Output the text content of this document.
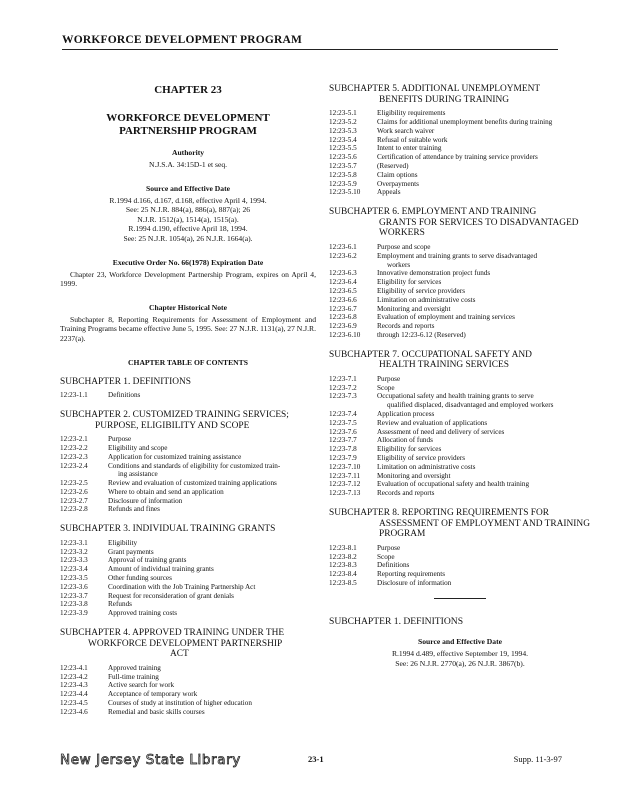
WORKFORCE DEVELOPMENT PROGRAM
CHAPTER 23
WORKFORCE DEVELOPMENT
PARTNERSHIP PROGRAM
Authority
N.J.S.A. 34:15D-1 et seq.
Source and Effective Date
R.1994 d.166, d.167, d.168, effective April 4, 1994.
See: 25 N.J.R. 884(a), 886(a), 887(a); 26
N.J.R. 1512(a), 1514(a), 1515(a).
R.1994 d.190, effective April 18, 1994.
See: 25 N.J.R. 1054(a), 26 N.J.R. 1664(a).
Executive Order No. 66(1978) Expiration Date
Chapter 23, Workforce Development Partnership Program, expires on April 4, 1999.
Chapter Historical Note
Subchapter 8, Reporting Requirements for Assessment of Employment and Training Programs became effective June 5, 1995. See: 27 N.J.R. 1131(a), 27 N.J.R. 2237(a).
CHAPTER TABLE OF CONTENTS
SUBCHAPTER 1. DEFINITIONS
12:23-1.1	Definitions
SUBCHAPTER 2. CUSTOMIZED TRAINING SERVICES;
PURPOSE, ELIGIBILITY AND SCOPE
12:23-2.1	Purpose
12:23-2.2	Eligibility and scope
12:23-2.3	Application for customized training assistance
12:23-2.4	Conditions and standards of eligibility for customized train-
ing assistance
12:23-2.5	Review and evaluation of customized training applications
12:23-2.6	Where to obtain and send an application
12:23-2.7	Disclosure of information
12:23-2.8	Refunds and fines
SUBCHAPTER 3. INDIVIDUAL TRAINING GRANTS
12:23-3.1	Eligibility
12:23-3.2	Grant payments
12:23-3.3	Approval of training grants
12:23-3.4	Amount of individual training grants
12:23-3.5	Other funding sources
12:23-3.6	Coordination with the Job Training Partnership Act
12:23-3.7	Request for reconsideration of grant denials
12:23-3.8	Refunds
12:23-3.9	Approved training costs
SUBCHAPTER 4. APPROVED TRAINING UNDER THE
WORKFORCE DEVELOPMENT PARTNERSHIP
ACT
12:23-4.1	Approved training
12:23-4.2	Full-time training
12:23-4.3	Active search for work
12:23-4.4	Acceptance of temporary work
12:23-4.5	Courses of study at institution of higher education
12:23-4.6	Remedial and basic skills courses
SUBCHAPTER 5. ADDITIONAL UNEMPLOYMENT
BENEFITS DURING TRAINING
12:23-5.1	Eligibility requirements
12:23-5.2	Claims for additional unemployment benefits during training
12:23-5.3	Work search waiver
12:23-5.4	Refusal of suitable work
12:23-5.5	Intent to enter training
12:23-5.6	Certification of attendance by training service providers
12:23-5.7	(Reserved)
12:23-5.8	Claim options
12:23-5.9	Overpayments
12:23-5.10	Appeals
SUBCHAPTER 6. EMPLOYMENT AND TRAINING
GRANTS FOR SERVICES TO DISADVANTAGED
WORKERS
12:23-6.1	Purpose and scope
12:23-6.2	Employment and training grants to serve disadvantaged
workers
12:23-6.3	Innovative demonstration project funds
12:23-6.4	Eligibility for services
12:23-6.5	Eligibility of service providers
12:23-6.6	Limitation on administrative costs
12:23-6.7	Monitoring and oversight
12:23-6.8	Evaluation of employment and training services
12:23-6.9	Records and reports
12:23-6.10	through 12:23-6.12 (Reserved)
SUBCHAPTER 7. OCCUPATIONAL SAFETY AND
HEALTH TRAINING SERVICES
12:23-7.1	Purpose
12:23-7.2	Scope
12:23-7.3	Occupational safety and health training grants to serve
qualified displaced, disadvantaged and employed workers
12:23-7.4	Application process
12:23-7.5	Review and evaluation of applications
12:23-7.6	Assessment of need and delivery of services
12:23-7.7	Allocation of funds
12:23-7.8	Eligibility for services
12:23-7.9	Eligibility of service providers
12:23-7.10	Limitation on administrative costs
12:23-7.11	Monitoring and oversight
12:23-7.12	Evaluation of occupational safety and health training
12:23-7.13	Records and reports
SUBCHAPTER 8. REPORTING REQUIREMENTS FOR
ASSESSMENT OF EMPLOYMENT AND TRAINING
PROGRAM
12:23-8.1	Purpose
12:23-8.2	Scope
12:23-8.3	Definitions
12:23-8.4	Reporting requirements
12:23-8.5	Disclosure of information
SUBCHAPTER 1. DEFINITIONS
Source and Effective Date
R.1994 d.489, effective September 19, 1994.
See: 26 N.J.R. 2770(a), 26 N.J.R. 3867(b).
New Jersey State Library	23-1	Supp. 11-3-97
